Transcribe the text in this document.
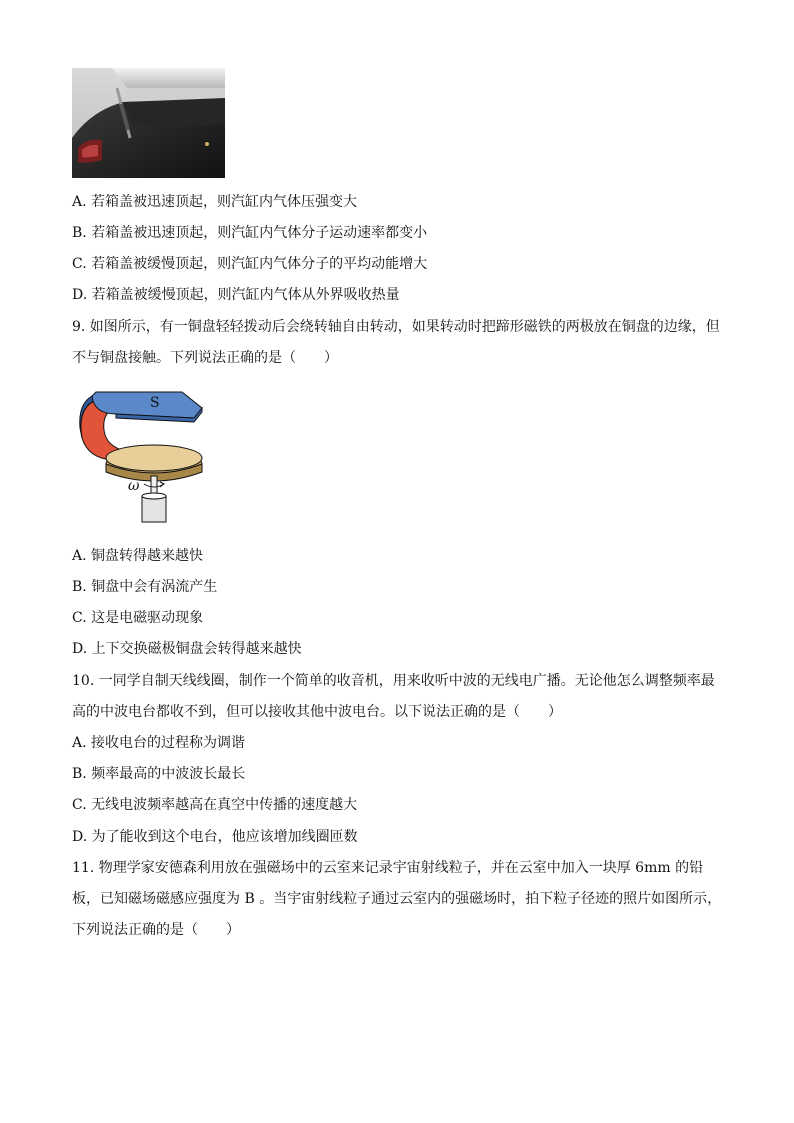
A. 若箱盖被迅速顶起，则汽缸内气体压强变大
B. 若箱盖被迅速顶起，则汽缸内气体分子运动速率都变小
C. 若箱盖被缓慢顶起，则汽缸内气体分子的平均动能增大
D. 若箱盖被缓慢顶起，则汽缸内气体从外界吸收热量
9. 如图所示，有一铜盘轻轻拨动后会绕转轴自由转动，如果转动时把蹄形磁铁的两极放在铜盘的边缘，但
不与铜盘接触。下列说法正确的是（　　）
S
ω
A. 铜盘转得越来越快
B. 铜盘中会有涡流产生
C. 这是电磁驱动现象
D. 上下交换磁极铜盘会转得越来越快
10. 一同学自制天线线圈，制作一个简单的收音机，用来收听中波的无线电广播。无论他怎么调整频率最
高的中波电台都收不到，但可以接收其他中波电台。以下说法正确的是（　　）
A. 接收电台的过程称为调谐
B. 频率最高的中波波长最长
C. 无线电波频率越高在真空中传播的速度越大
D. 为了能收到这个电台，他应该增加线圈匝数
11. 物理学家安德森利用放在强磁场中的云室来记录宇宙射线粒子，并在云室中加入一块厚 6mm 的铅
板，已知磁场磁感应强度为 B 。当宇宙射线粒子通过云室内的强磁场时，拍下粒子径迹的照片如图所示，
下列说法正确的是（　　）
